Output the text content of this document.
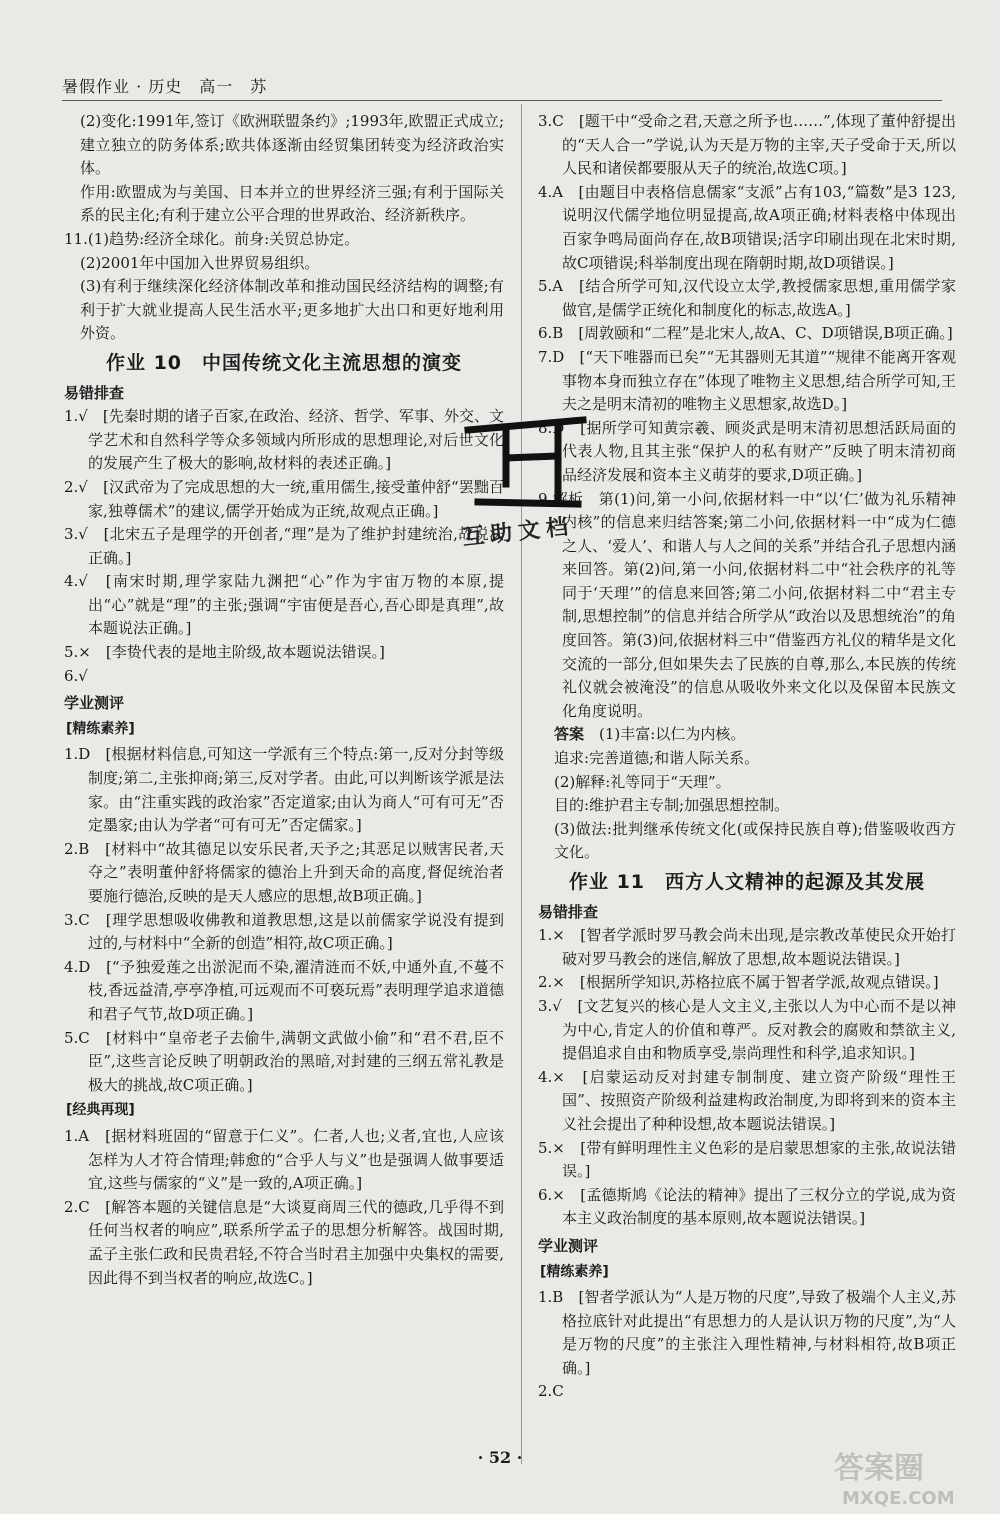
暑假作业 · 历史　高一　苏

(2)变化:1991年,签订《欧洲联盟条约》;1993年,欧盟正式成立;建立独立的防务体系;欧共体逐渐由经贸集团转变为经济政治实体。

作用:欧盟成为与美国、日本并立的世界经济三强;有利于国际关系的民主化;有利于建立公平合理的世界政治、经济新秩序。

11.(1)趋势:经济全球化。前身:关贸总协定。

(2)2001年中国加入世界贸易组织。

(3)有利于继续深化经济体制改革和推动国民经济结构的调整;有利于扩大就业提高人民生活水平;更多地扩大出口和更好地利用外资。

作业 10　中国传统文化主流思想的演变
易错排查

1.√　[先秦时期的诸子百家,在政治、经济、哲学、军事、外交、文学艺术和自然科学等众多领域内所形成的思想理论,对后世文化的发展产生了极大的影响,故材料的表述正确。]

2.√　[汉武帝为了完成思想的大一统,重用儒生,接受董仲舒“罢黜百家,独尊儒术”的建议,儒学开始成为正统,故观点正确。]

3.√　[北宋五子是理学的开创者,“理”是为了维护封建统治,故说法正确。]

4.√　[南宋时期,理学家陆九渊把“心”作为宇宙万物的本原,提出“心”就是“理”的主张;强调“宇宙便是吾心,吾心即是真理”,故本题说法正确。]

5.×　[李贽代表的是地主阶级,故本题说法错误。]

6.√

学业测评
[精练素养]

1.D　[根据材料信息,可知这一学派有三个特点:第一,反对分封等级制度;第二,主张抑商;第三,反对学者。由此,可以判断该学派是法家。由“注重实践的政治家”否定道家;由认为商人“可有可无”否定墨家;由认为学者“可有可无”否定儒家。]

2.B　[材料中“故其德足以安乐民者,天予之;其恶足以贼害民者,天夺之”表明董仲舒将儒家的德治上升到天命的高度,督促统治者要施行德治,反映的是天人感应的思想,故B项正确。]

3.C　[理学思想吸收佛教和道教思想,这是以前儒家学说没有提到过的,与材料中“全新的创造”相符,故C项正确。]

4.D　[“予独爱莲之出淤泥而不染,濯清涟而不妖,中通外直,不蔓不枝,香远益清,亭亭净植,可远观而不可亵玩焉”表明理学追求道德和君子气节,故D项正确。]

5.C　[材料中“皇帝老子去偷牛,满朝文武做小偷”和“君不君,臣不臣”,这些言论反映了明朝政治的黑暗,对封建的三纲五常礼教是极大的挑战,故C项正确。]

[经典再现]

1.A　[据材料班固的“留意于仁义”。仁者,人也;义者,宜也,人应该怎样为人才符合情理;韩愈的“合乎人与义”也是强调人做事要适宜,这些与儒家的“义”是一致的,A项正确。]

2.C　[解答本题的关键信息是“大谈夏商周三代的德政,几乎得不到任何当权者的响应”,联系所学孟子的思想分析解答。战国时期,孟子主张仁政和民贵君轻,不符合当时君主加强中央集权的需要,因此得不到当权者的响应,故选C。]

3.C　[题干中“受命之君,天意之所予也……”,体现了董仲舒提出的“天人合一”学说,认为天是万物的主宰,天子受命于天,所以人民和诸侯都要服从天子的统治,故选C项。]

4.A　[由题目中表格信息儒家“支派”占有103,“篇数”是3 123,说明汉代儒学地位明显提高,故A项正确;材料表格中体现出百家争鸣局面尚存在,故B项错误;活字印刷出现在北宋时期,故C项错误;科举制度出现在隋朝时期,故D项错误。]

5.A　[结合所学可知,汉代设立太学,教授儒家思想,重用儒学家做官,是儒学正统化和制度化的标志,故选A。]

6.B　[周敦颐和“二程”是北宋人,故A、C、D项错误,B项正确。]

7.D　[“天下唯器而已矣”“无其器则无其道”“规律不能离开客观事物本身而独立存在”体现了唯物主义思想,结合所学可知,王夫之是明末清初的唯物主义思想家,故选D。]

8.D　[据所学可知黄宗羲、顾炎武是明末清初思想活跃局面的代表人物,且其主张“保护人的私有财产”反映了明末清初商品经济发展和资本主义萌芽的要求,D项正确。]

9.解析　第(1)问,第一小问,依据材料一中“以‘仁’做为礼乐精神内核”的信息来归结答案;第二小问,依据材料一中“成为仁德之人、‘爱人’、和谐人与人之间的关系”并结合孔子思想内涵来回答。第(2)问,第一小问,依据材料二中“社会秩序的礼等同于‘天理’”的信息来回答;第二小问,依据材料二中“君主专制,思想控制”的信息并结合所学从“政治以及思想统治”的角度回答。第(3)问,依据材料三中“借鉴西方礼仪的精华是文化交流的一部分,但如果失去了民族的自尊,那么,本民族的传统礼仪就会被淹没”的信息从吸收外来文化以及保留本民族文化角度说明。

答案　 (1)丰富:以仁为内核。

追求:完善道德;和谐人际关系。

(2)解释:礼等同于“天理”。

目的:维护君主专制;加强思想控制。

(3)做法:批判继承传统文化(或保持民族自尊);借鉴吸收西方文化。

作业 11　西方人文精神的起源及其发展
易错排查

1.×　[智者学派时罗马教会尚未出现,是宗教改革使民众开始打破对罗马教会的迷信,解放了思想,故本题说法错误。]

2.×　[根据所学知识,苏格拉底不属于智者学派,故观点错误。]

3.√　[文艺复兴的核心是人文主义,主张以人为中心而不是以神为中心,肯定人的价值和尊严。反对教会的腐败和禁欲主义,提倡追求自由和物质享受,崇尚理性和科学,追求知识。]

4.×　[启蒙运动反对封建专制制度、建立资产阶级“理性王国”、按照资产阶级利益建构政治制度,为即将到来的资本主义社会提出了种种设想,故本题说法错误。]

5.×　[带有鲜明理性主义色彩的是启蒙思想家的主张,故说法错误。]

6.×　[孟德斯鸠《论法的精神》提出了三权分立的学说,成为资本主义政治制度的基本原则,故本题说法错误。]

学业测评
[精练素养]

1.B　[智者学派认为“人是万物的尺度”,导致了极端个人主义,苏格拉底针对此提出“有思想力的人是认识万物的尺度”,为“人是万物的尺度”的主张注入理性精神,与材料相符,故B项正确。]

2.C

互助文档
· 52 ·	答案圈
MXQE.COM
